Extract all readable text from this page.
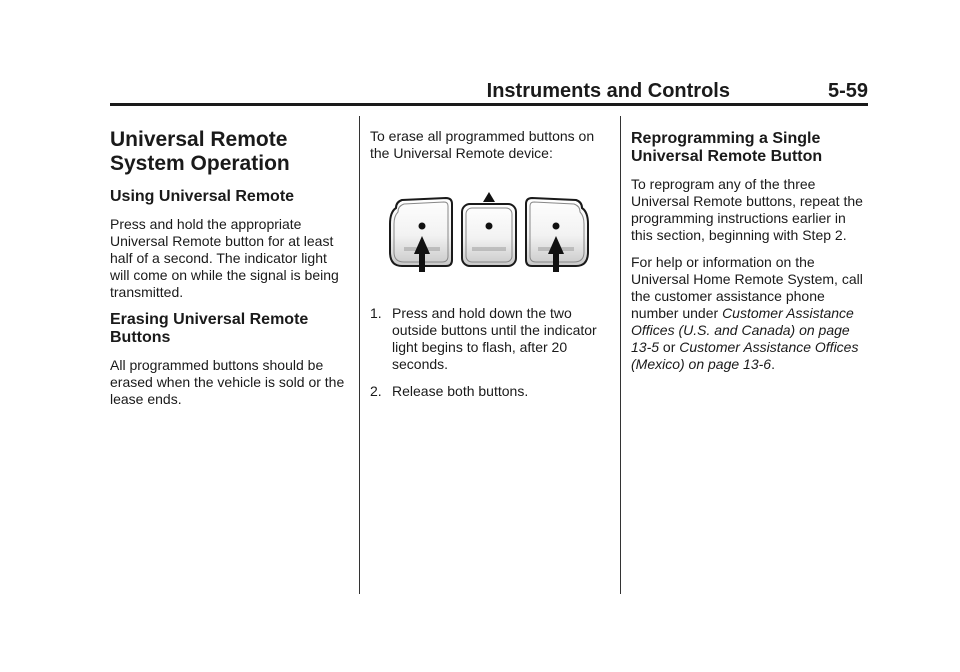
Instruments and Controls	5-59
Universal Remote System Operation
Using Universal Remote

Press and hold the appropriate Universal Remote button for at least half of a second. The indicator light will come on while the signal is being transmitted.

Erasing Universal Remote Buttons

All programmed buttons should be erased when the vehicle is sold or the lease ends.

To erase all programmed buttons on the Universal Remote device:

1. Press and hold down the two outside buttons until the indicator light begins to flash, after 20 seconds.
2. Release both buttons.
Reprogramming a Single Universal Remote Button

To reprogram any of the three Universal Remote buttons, repeat the programming instructions earlier in this section, beginning with Step 2.

For help or information on the Universal Home Remote System, call the customer assistance phone number under Customer Assistance Offices (U.S. and Canada) on page 13-5 or Customer Assistance Offices (Mexico) on page 13-6.
